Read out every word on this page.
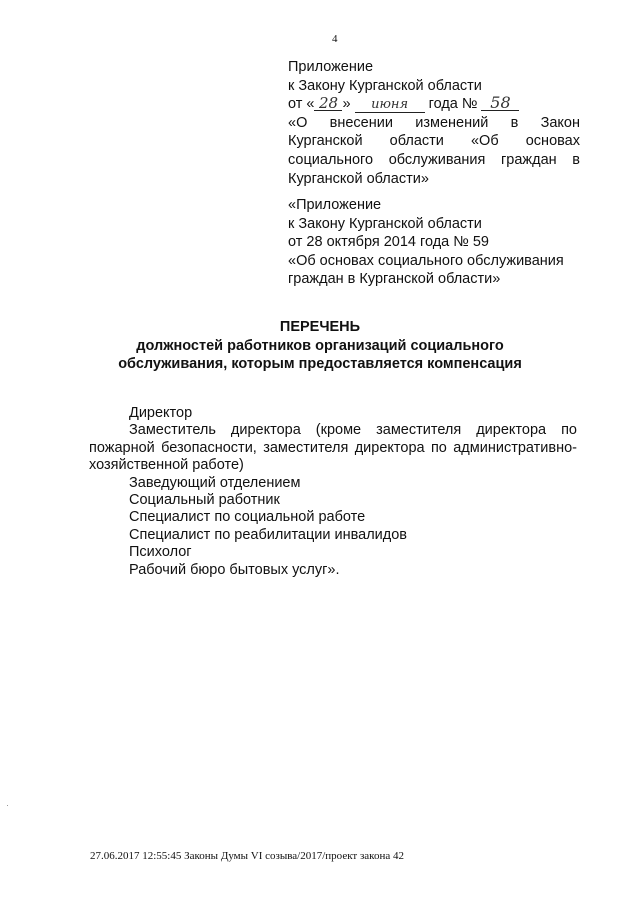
4
Приложение
к Закону Курганской области
от « 28 » июня года № 58
«О внесении изменений в Закон
Курганской области «Об основах
социального обслуживания граждан в
Курганской области»
«Приложение
к Закону Курганской области
от 28 октября 2014 года № 59
«Об основах социального обслуживания
граждан в Курганской области»
ПЕРЕЧЕНЬ
должностей работников организаций социального
обслуживания, которым предоставляется компенсация
Директор
Заместитель директора (кроме заместителя директора по пожарной безопасности, заместителя директора по административно-хозяйственной работе)
Заведующий отделением
Социальный работник
Специалист по социальной работе
Специалист по реабилитации инвалидов
Психолог
Рабочий бюро бытовых услуг».
27.06.2017 12:55:45 Законы Думы VI созыва/2017/проект закона 42
